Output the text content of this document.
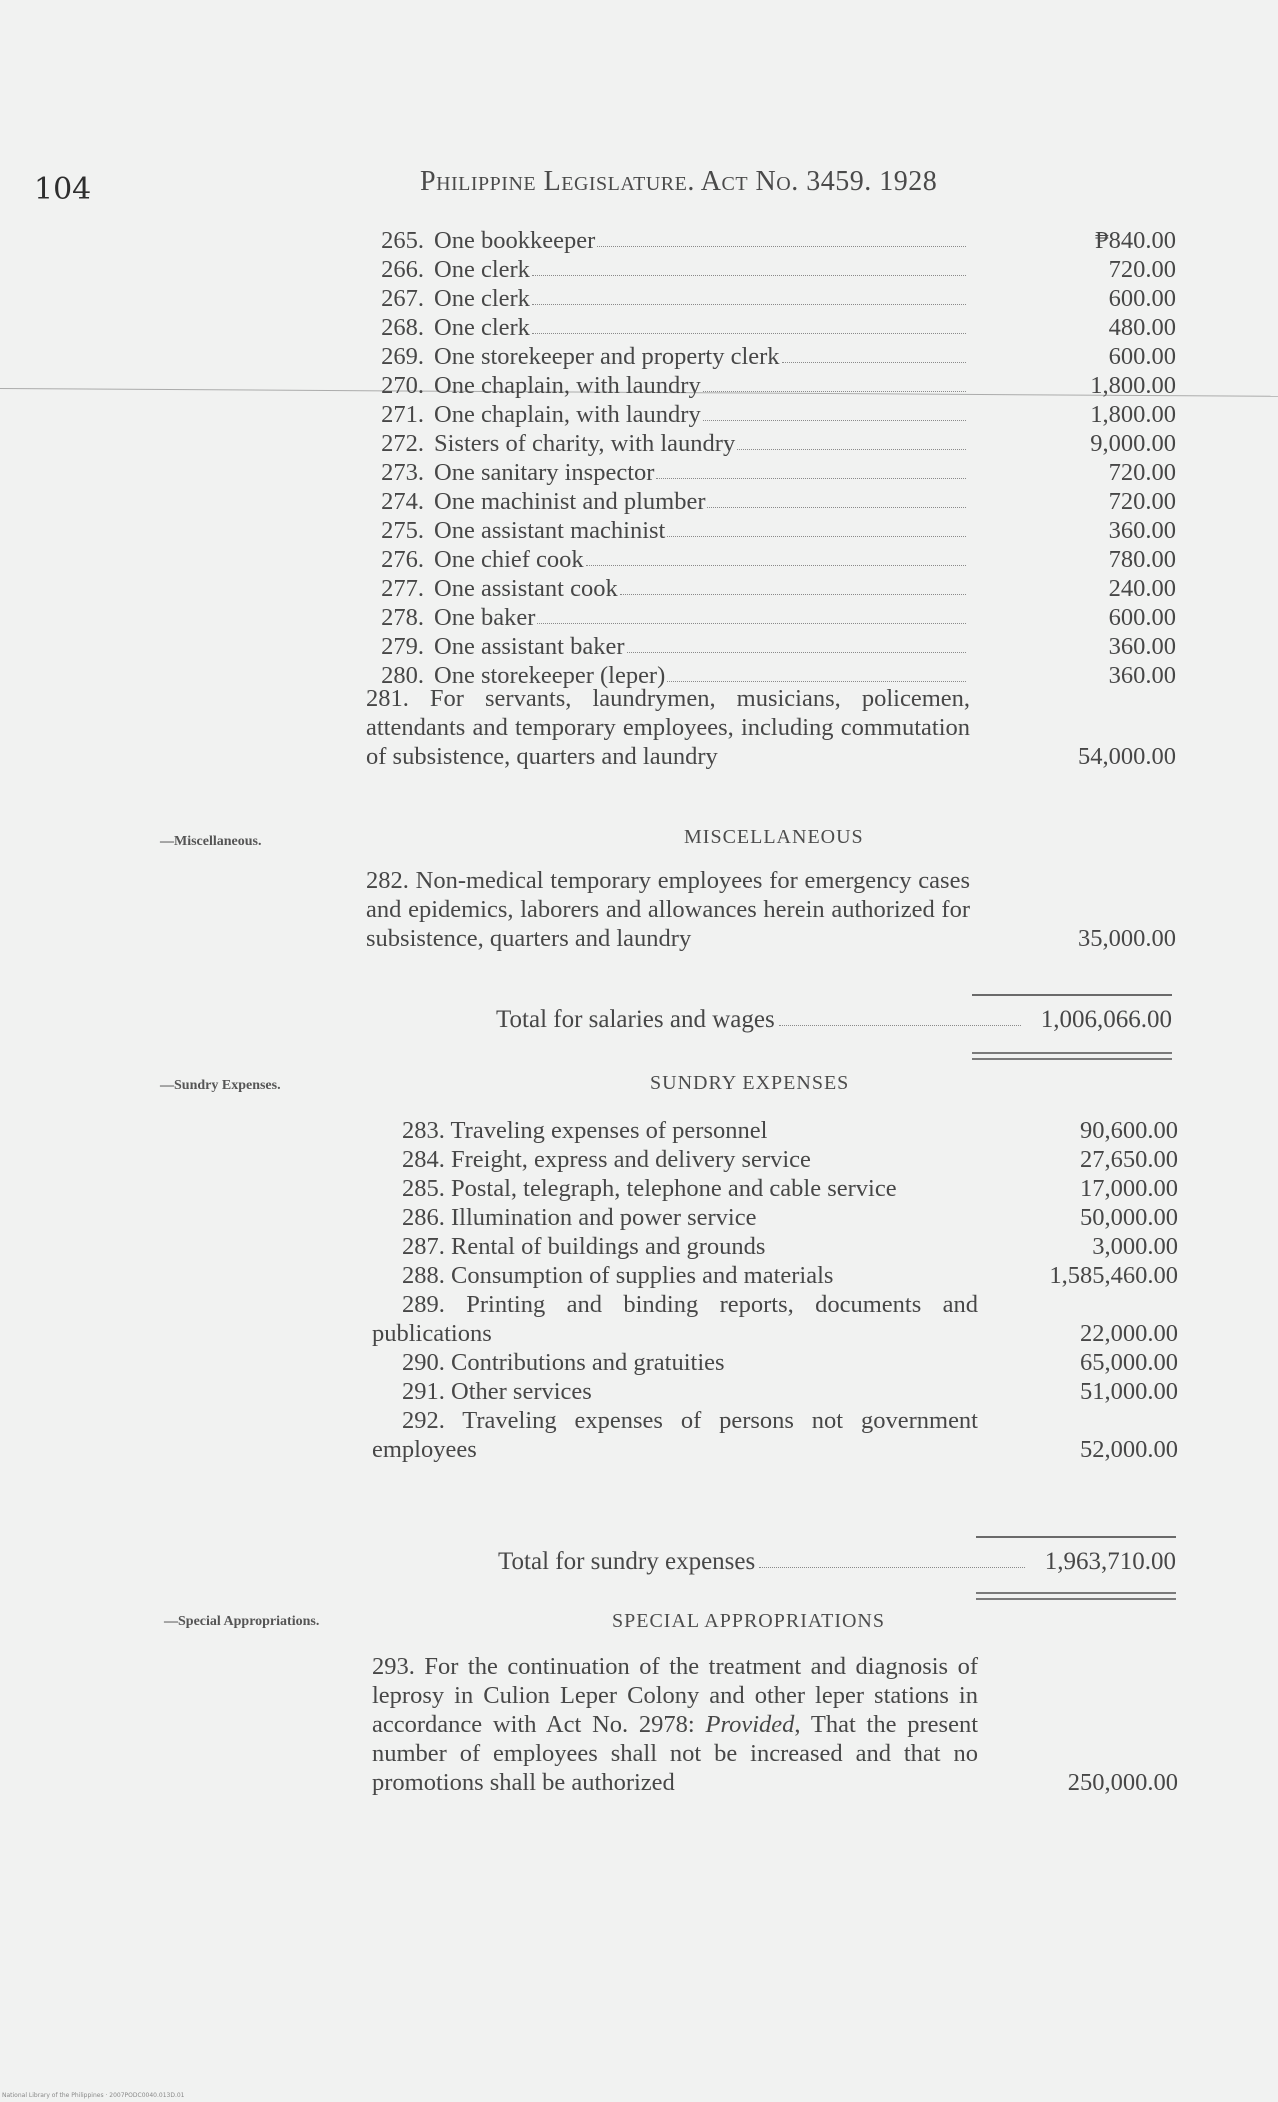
104	Philippine Legislature. Act No. 3459. 1928
265. One bookkeeper	₱840.00
266. One clerk	720.00
267. One clerk	600.00
268. One clerk	480.00
269. One storekeeper and property clerk	600.00
270. One chaplain, with laundry	1,800.00
271. One chaplain, with laundry	1,800.00
272. Sisters of charity, with laundry	9,000.00
273. One sanitary inspector	720.00
274. One machinist and plumber	720.00
275. One assistant machinist	360.00
276. One chief cook	780.00
277. One assistant cook	240.00
278. One baker	600.00
279. One assistant baker	360.00
280. One storekeeper (leper)	360.00
281. For servants, laundrymen, musicians, policemen, attendants and temporary employees, including commutation of subsistence, quarters and laundry	54,000.00
—Miscellaneous.	MISCELLANEOUS
282. Non-medical temporary employees for emergency cases and epidemics, laborers and allowances herein authorized for subsistence, quarters and laundry	35,000.00
Total for salaries and wages	1,006,066.00
—Sundry Expenses.	SUNDRY EXPENSES
283. Traveling expenses of personnel	90,600.00
284. Freight, express and delivery service	27,650.00
285. Postal, telegraph, telephone and cable service	17,000.00
286. Illumination and power service	50,000.00
287. Rental of buildings and grounds	3,000.00
288. Consumption of supplies and materials	1,585,460.00
289. Printing and binding reports, documents and publications	22,000.00
290. Contributions and gratuities	65,000.00
291. Other services	51,000.00
292. Traveling expenses of persons not government employees	52,000.00
Total for sundry expenses	1,963,710.00
—Special Appropriations.	SPECIAL APPROPRIATIONS
293. For the continuation of the treatment and diagnosis of leprosy in Culion Leper Colony and other leper stations in accordance with Act No. 2978: Provided, That the present number of employees shall not be increased and that no promotions shall be authorized	250,000.00
National Library of the Philippines · 2007PODC0040.013D.01
